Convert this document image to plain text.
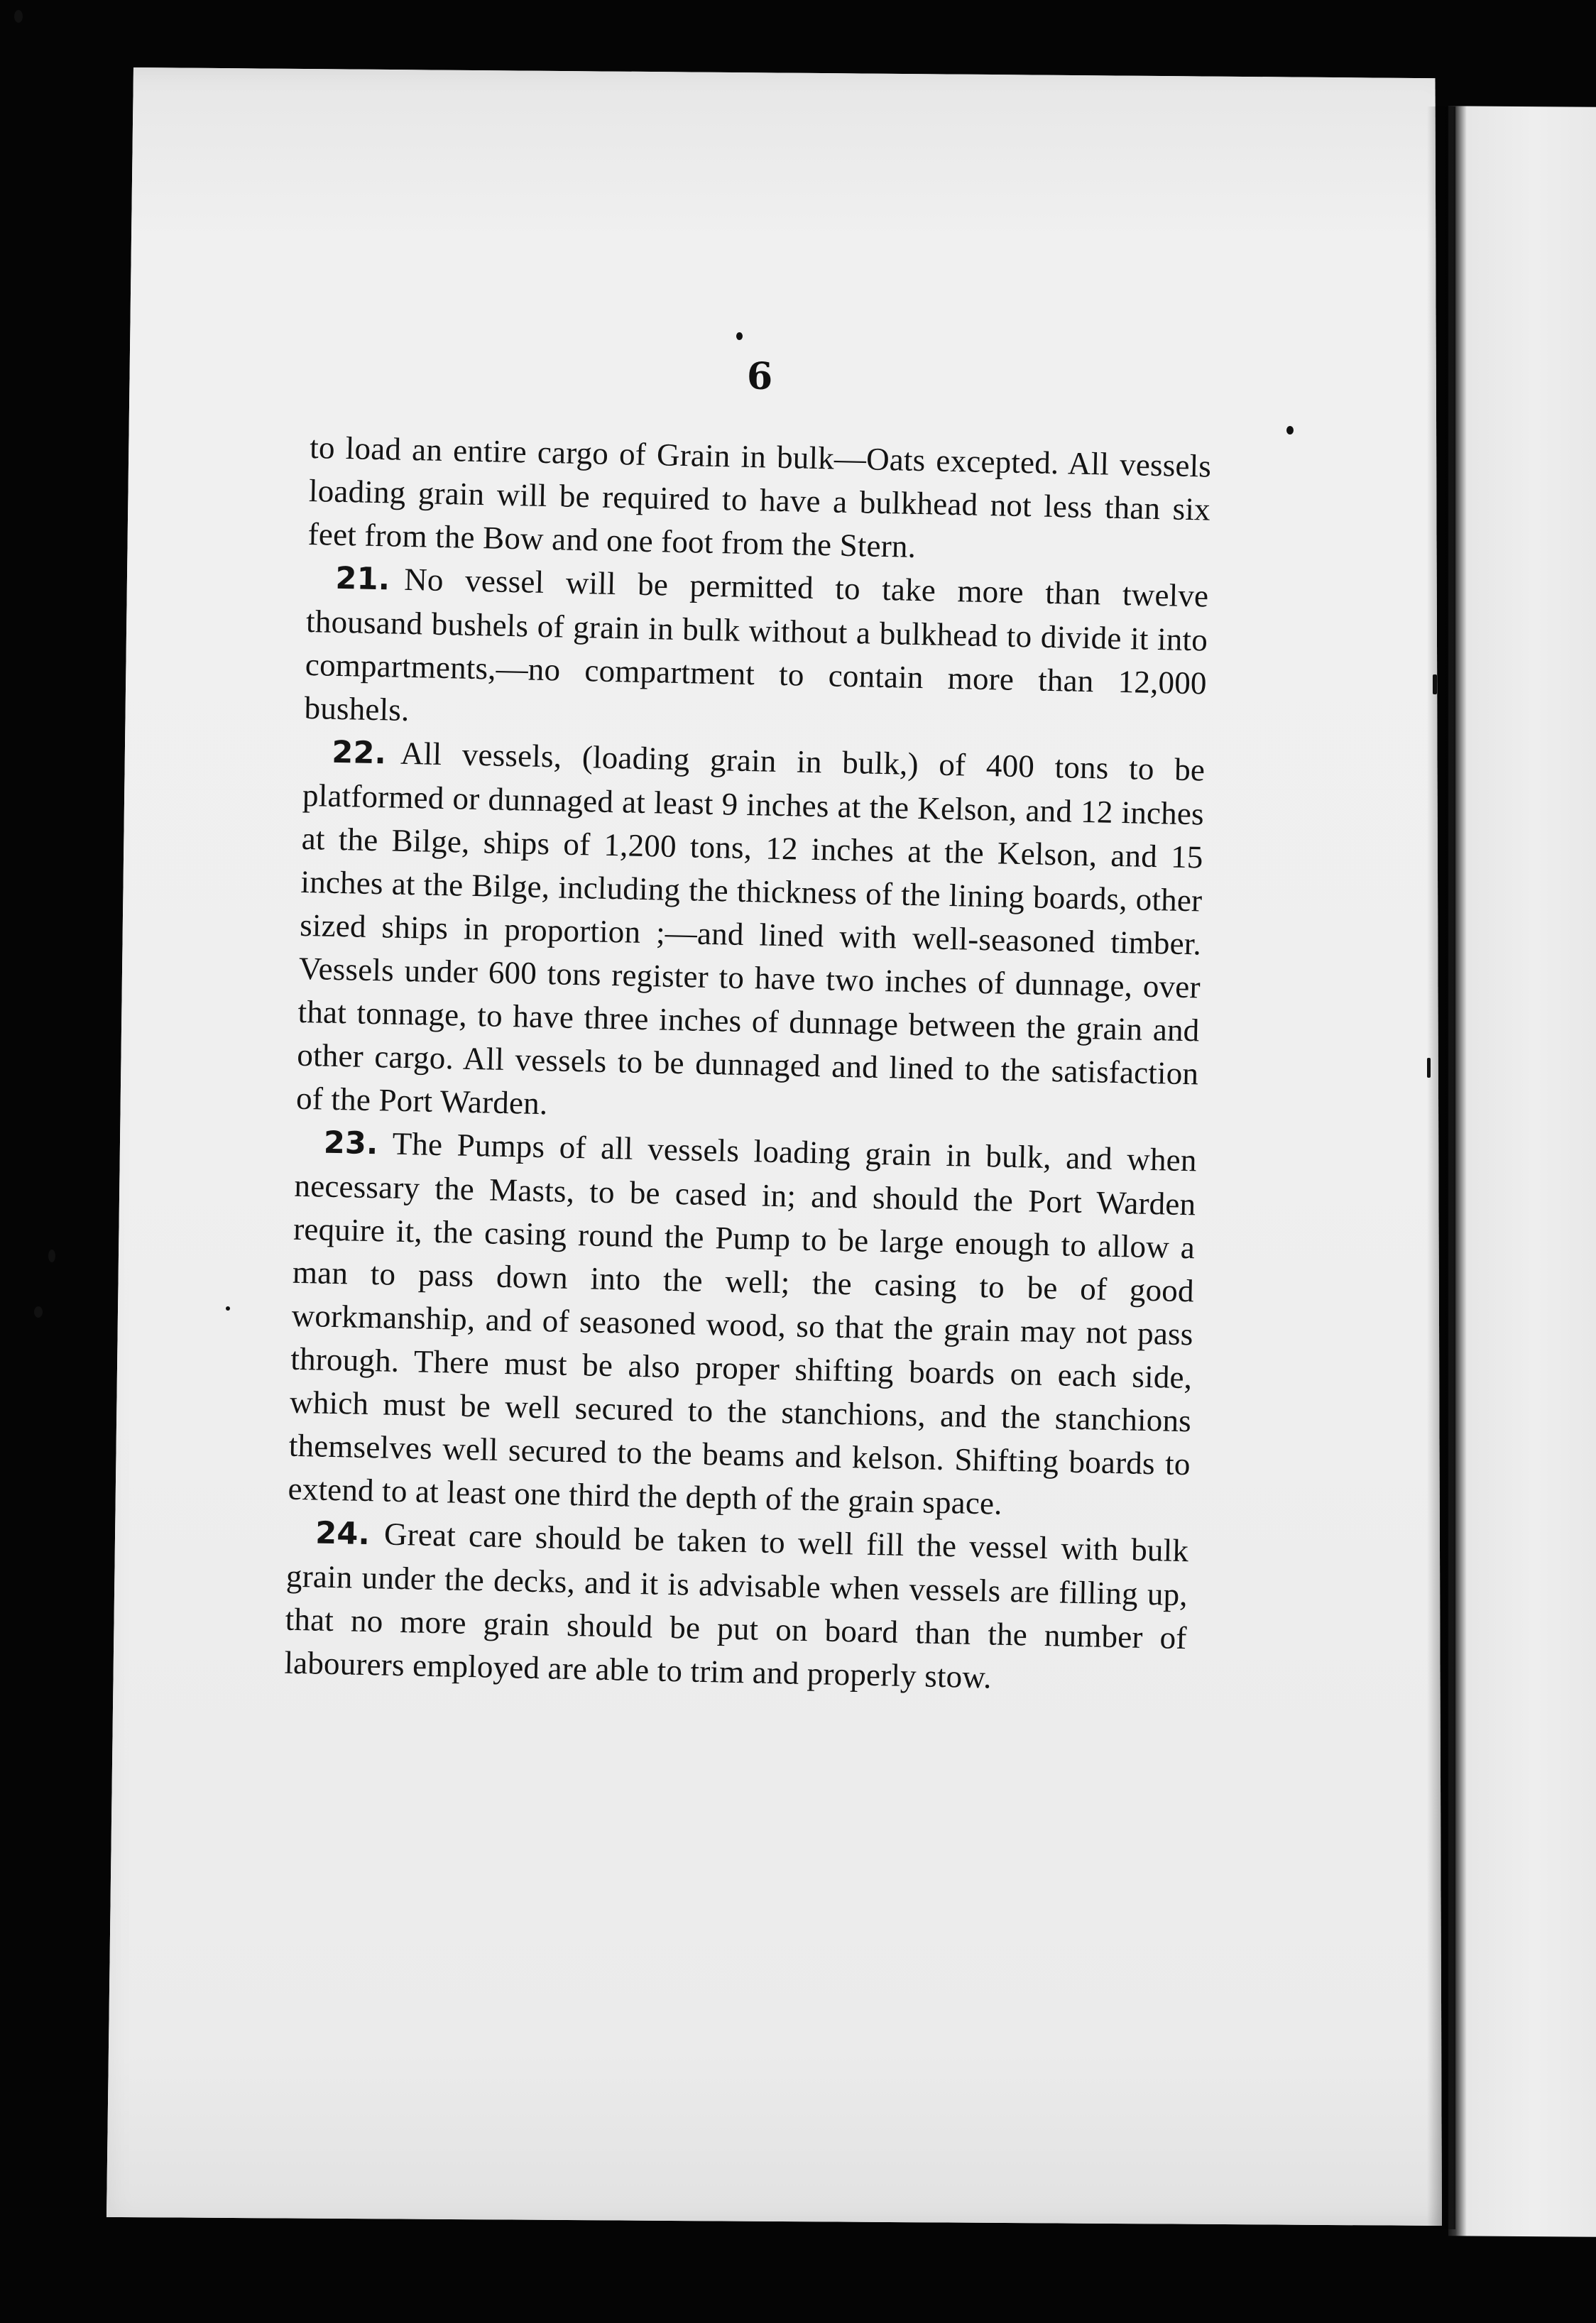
6

to load an entire cargo of Grain in bulk—Oats excepted. All vessels loading grain will be required to have a bulkhead not less than six feet from the Bow and one foot from the Stern.

21. No vessel will be permitted to take more than twelve thousand bushels of grain in bulk without a bulkhead to divide it into compartments,—no compartment to contain more than 12,000 bushels.

22. All vessels, (loading grain in bulk,) of 400 tons to be platformed or dunnaged at least 9 inches at the Kelson, and 12 inches at the Bilge, ships of 1,200 tons, 12 inches at the Kelson, and 15 inches at the Bilge, including the thickness of the lining boards, other sized ships in proportion ;—and lined with well-seasoned timber. Vessels under 600 tons register to have two inches of dunnage, over that tonnage, to have three inches of dunnage between the grain and other cargo. All vessels to be dunnaged and lined to the satisfaction of the Port Warden.

23. The Pumps of all vessels loading grain in bulk, and when necessary the Masts, to be cased in; and should the Port Warden require it, the casing round the Pump to be large enough to allow a man to pass down into the well; the casing to be of good workmanship, and of seasoned wood, so that the grain may not pass through. There must be also proper shifting boards on each side, which must be well secured to the stanchions, and the stanchions themselves well secured to the beams and kelson. Shifting boards to extend to at least one third the depth of the grain space.

24. Great care should be taken to well fill the vessel with bulk grain under the decks, and it is advisable when vessels are filling up, that no more grain should be put on board than the number of labourers employed are able to trim and properly stow.
